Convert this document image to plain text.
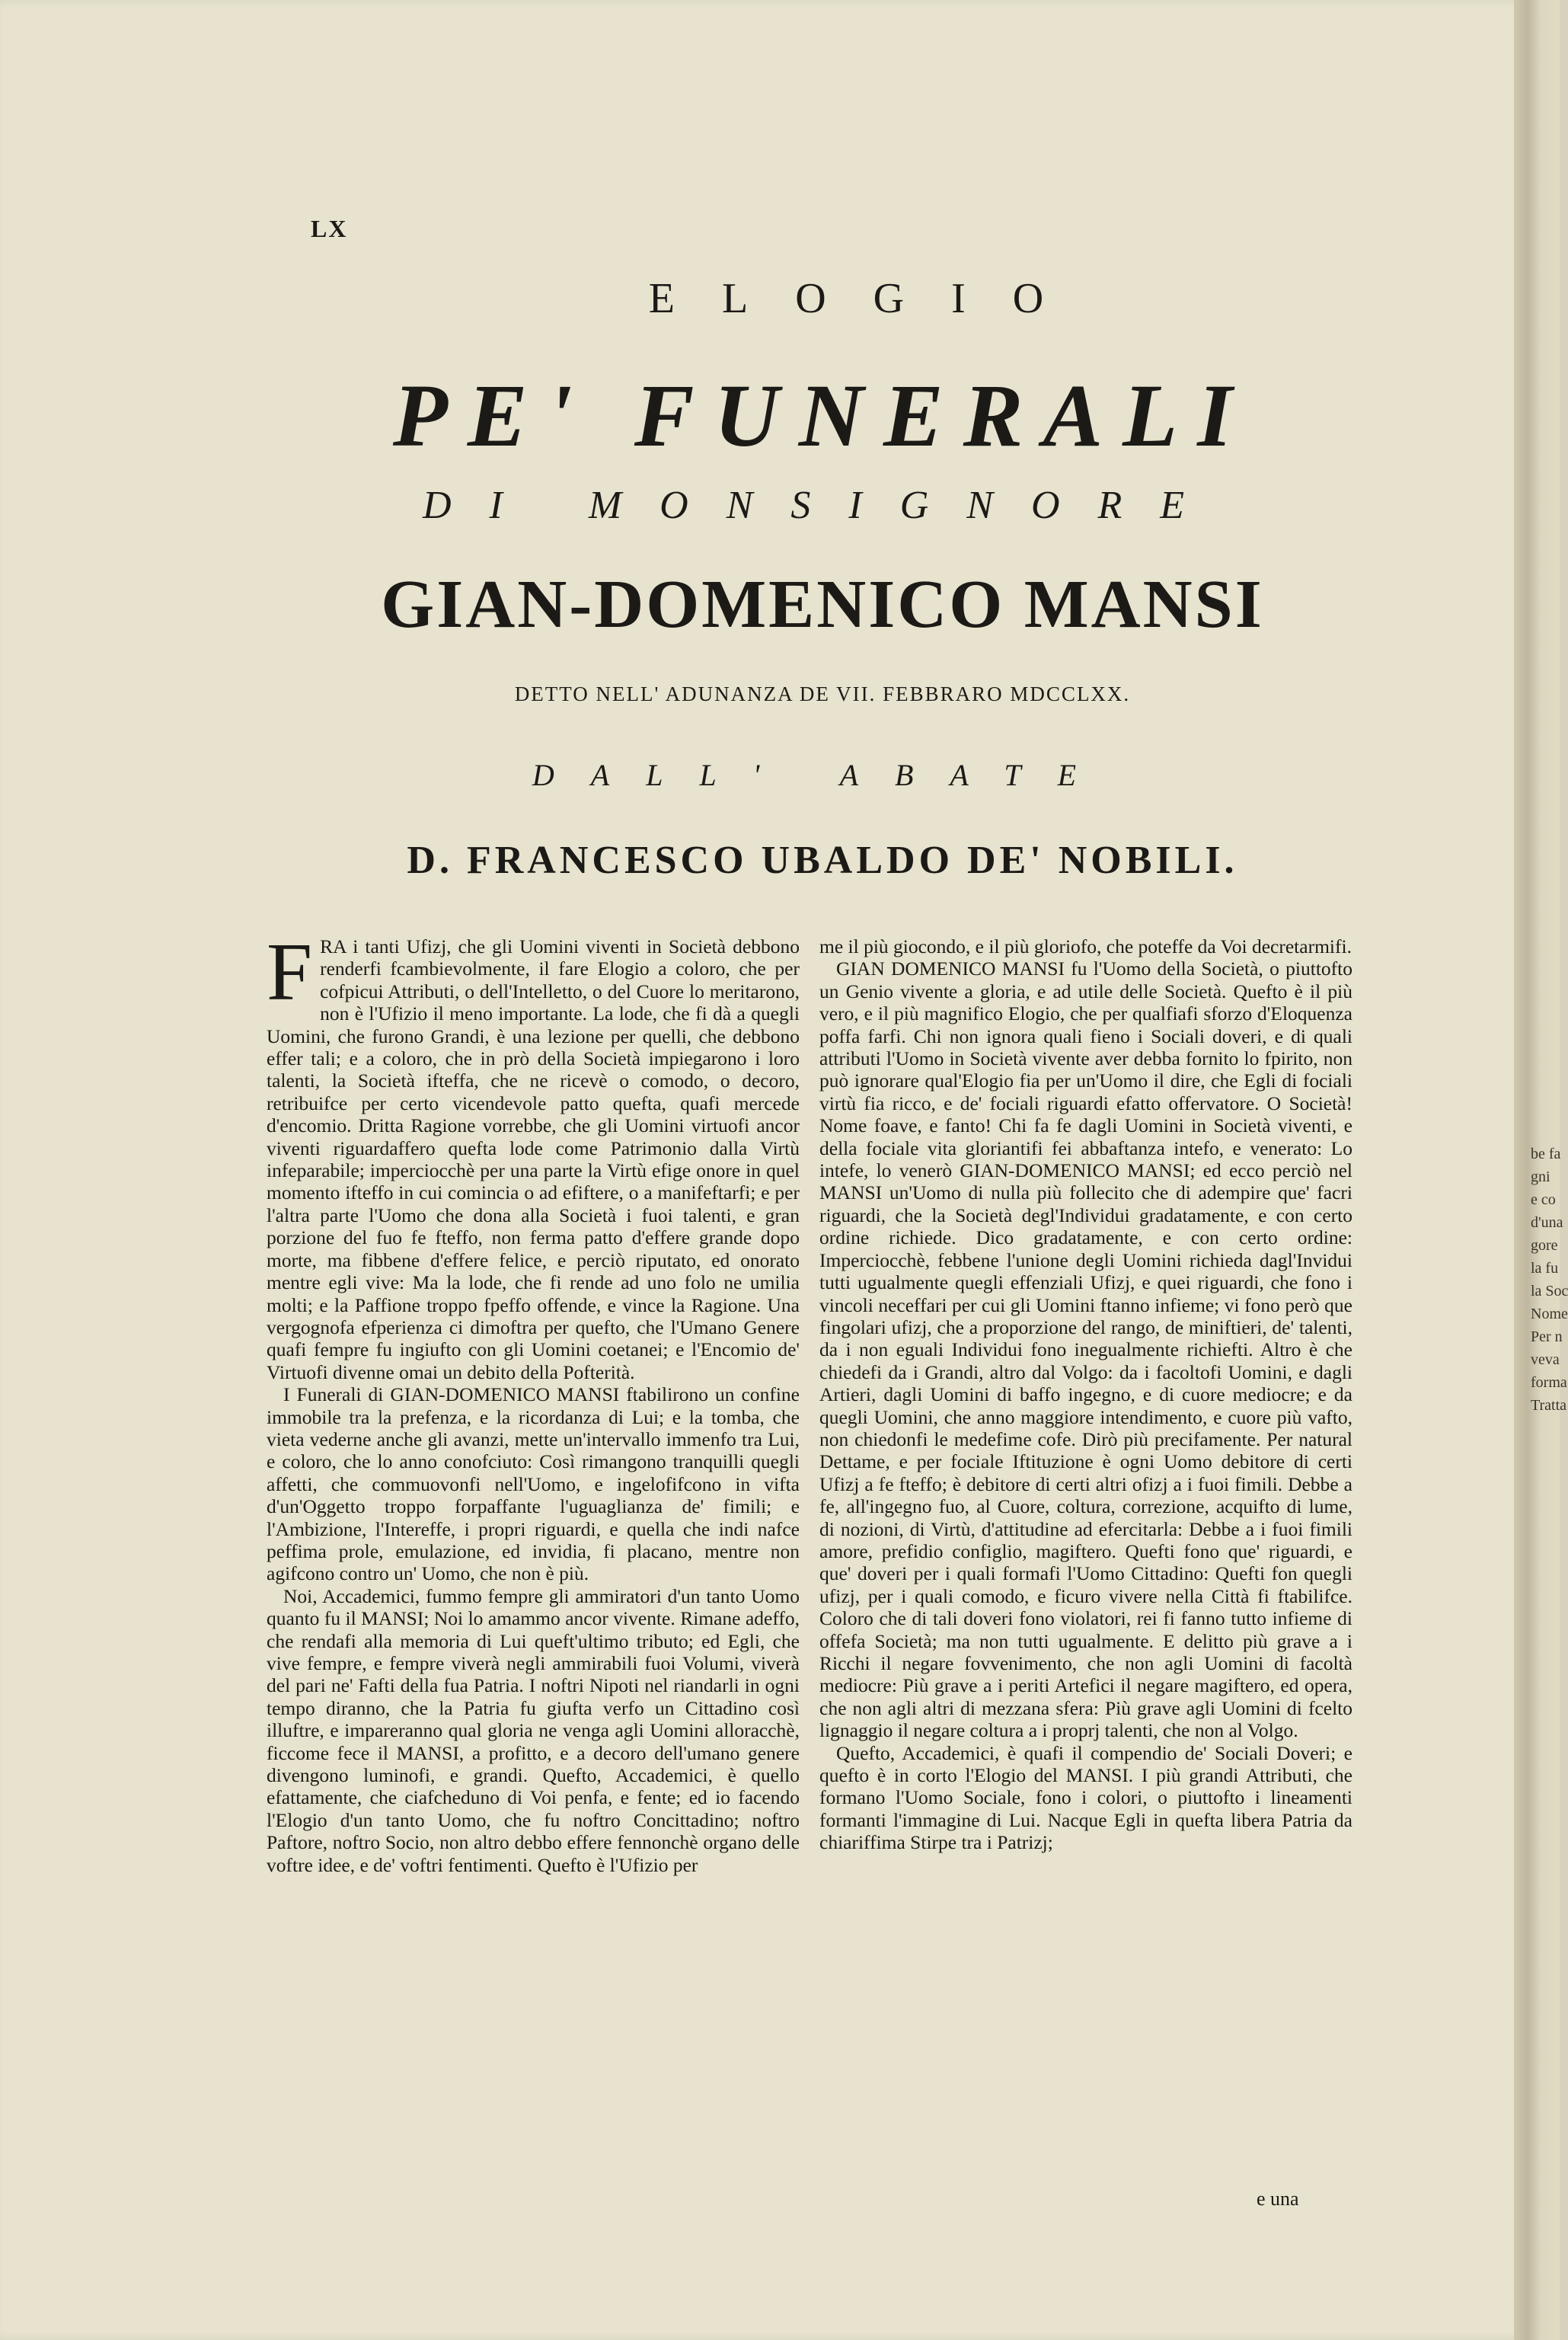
be fa
gni
e co
d'una
gore
la fu
la Soc
Nome
Per n
veva
forma
Tratta
LX
ELOGIO
PE' FUNERALI
DI MONSIGNORE
GIAN-DOMENICO MANSI
DETTO NELL' ADUNANZA DE VII. FEBBRARO MDCCLXX.
DALL' ABATE
D. FRANCESCO UBALDO DE' NOBILI.

FRA i tanti Ufizj, che gli Uomini viventi in Società debbono renderfi fcambievolmente, il fare Elogio a coloro, che per cofpicui Attributi, o dell'Intelletto, o del Cuore lo meritarono, non è l'Ufizio il meno importante. La lode, che fi dà a quegli Uomini, che furono Grandi, è una lezione per quelli, che debbono effer tali; e a coloro, che in prò della Società impiegarono i loro talenti, la Società ifteffa, che ne ricevè o comodo, o decoro, retribuifce per certo vicendevole patto quefta, quafi mercede d'encomio. Dritta Ragione vorrebbe, che gli Uomini virtuofi ancor viventi riguardaffero quefta lode come Patrimonio dalla Virtù infeparabile; imperciocchè per una parte la Virtù efige onore in quel momento ifteffo in cui comincia o ad efiftere, o a manifeftarfi; e per l'altra parte l'Uomo che dona alla Società i fuoi talenti, e gran porzione del fuo fe fteffo, non ferma patto d'effere grande dopo morte, ma fibbene d'effere felice, e perciò riputato, ed onorato mentre egli vive: Ma la lode, che fi rende ad uno folo ne umilia molti; e la Paffione troppo fpeffo offende, e vince la Ragione. Una vergognofa efperienza ci dimoftra per quefto, che l'Umano Genere quafi fempre fu ingiufto con gli Uomini coetanei; e l'Encomio de' Virtuofi divenne omai un debito della Pofterità.

I Funerali di GIAN-DOMENICO MANSI ftabilirono un confine immobile tra la prefenza, e la ricordanza di Lui; e la tomba, che vieta vederne anche gli avanzi, mette un'intervallo immenfo tra Lui, e coloro, che lo anno conofciuto: Così rimangono tranquilli quegli affetti, che commuovonfi nell'Uomo, e ingelofifcono in vifta d'un'Oggetto troppo forpaffante l'uguaglianza de' fimili; e l'Ambizione, l'Intereffe, i propri riguardi, e quella che indi nafce peffima prole, emulazione, ed invidia, fi placano, mentre non agifcono contro un' Uomo, che non è più.

Noi, Accademici, fummo fempre gli ammiratori d'un tanto Uomo quanto fu il MANSI; Noi lo amammo ancor vivente. Rimane adeffo, che rendafi alla memoria di Lui queft'ultimo tributo; ed Egli, che vive fempre, e fempre viverà negli ammirabili fuoi Volumi, viverà del pari ne' Fafti della fua Patria. I noftri Nipoti nel riandarli in ogni tempo diranno, che la Patria fu giufta verfo un Cittadino così illuftre, e impareranno qual gloria ne venga agli Uomini alloracchè, ficcome fece il MANSI, a profitto, e a decoro dell'umano genere divengono luminofi, e grandi. Quefto, Accademici, è quello efattamente, che ciafcheduno di Voi penfa, e fente; ed io facendo l'Elogio d'un tanto Uomo, che fu noftro Concittadino; noftro Paftore, noftro Socio, non altro debbo effere fennonchè organo delle voftre idee, e de' voftri fentimenti. Quefto è l'Ufizio per

me il più giocondo, e il più gloriofo, che poteffe da Voi decretarmifi.

GIAN DOMENICO MANSI fu l'Uomo della Società, o piuttofto un Genio vivente a gloria, e ad utile delle Società. Quefto è il più vero, e il più magnifico Elogio, che per qualfiafi sforzo d'Eloquenza poffa farfi. Chi non ignora quali fieno i Sociali doveri, e di quali attributi l'Uomo in Società vivente aver debba fornito lo fpirito, non può ignorare qual'Elogio fia per un'Uomo il dire, che Egli di fociali virtù fia ricco, e de' fociali riguardi efatto offervatore. O Società! Nome foave, e fanto! Chi fa fe dagli Uomini in Società viventi, e della fociale vita gloriantifi fei abbaftanza intefo, e venerato: Lo intefe, lo venerò GIAN-DOMENICO MANSI; ed ecco perciò nel MANSI un'Uomo di nulla più follecito che di adempire que' facri riguardi, che la Società degl'Individui gradatamente, e con certo ordine richiede. Dico gradatamente, e con certo ordine: Imperciocchè, febbene l'unione degli Uomini richieda dagl'Invidui tutti ugualmente quegli effenziali Ufizj, e quei riguardi, che fono i vincoli neceffari per cui gli Uomini ftanno infieme; vi fono però que fingolari ufizj, che a proporzione del rango, de miniftieri, de' talenti, da i non eguali Individui fono inegualmente richiefti. Altro è che chiedefi da i Grandi, altro dal Volgo: da i facoltofi Uomini, e dagli Artieri, dagli Uomini di baffo ingegno, e di cuore mediocre; e da quegli Uomini, che anno maggiore intendimento, e cuore più vafto, non chiedonfi le medefime cofe. Dirò più precifamente. Per natural Dettame, e per fociale Iftituzione è ogni Uomo debitore di certi Ufizj a fe fteffo; è debitore di certi altri ofizj a i fuoi fimili. Debbe a fe, all'ingegno fuo, al Cuore, coltura, correzione, acquifto di lume, di nozioni, di Virtù, d'attitudine ad efercitarla: Debbe a i fuoi fimili amore, prefidio configlio, magiftero. Quefti fono que' riguardi, e que' doveri per i quali formafi l'Uomo Cittadino: Quefti fon quegli ufizj, per i quali comodo, e ficuro vivere nella Città fi ftabilifce. Coloro che di tali doveri fono violatori, rei fi fanno tutto infieme di offefa Società; ma non tutti ugualmente. E delitto più grave a i Ricchi il negare fovvenimento, che non agli Uomini di facoltà mediocre: Più grave a i periti Artefici il negare magiftero, ed opera, che non agli altri di mezzana sfera: Più grave agli Uomini di fcelto lignaggio il negare coltura a i proprj talenti, che non al Volgo.

Quefto, Accademici, è quafi il compendio de' Sociali Doveri; e quefto è in corto l'Elogio del MANSI. I più grandi Attributi, che formano l'Uomo Sociale, fono i colori, o piuttofto i lineamenti formanti l'immagine di Lui. Nacque Egli in quefta libera Patria da chiariffima Stirpe tra i Patrizj;

e una
